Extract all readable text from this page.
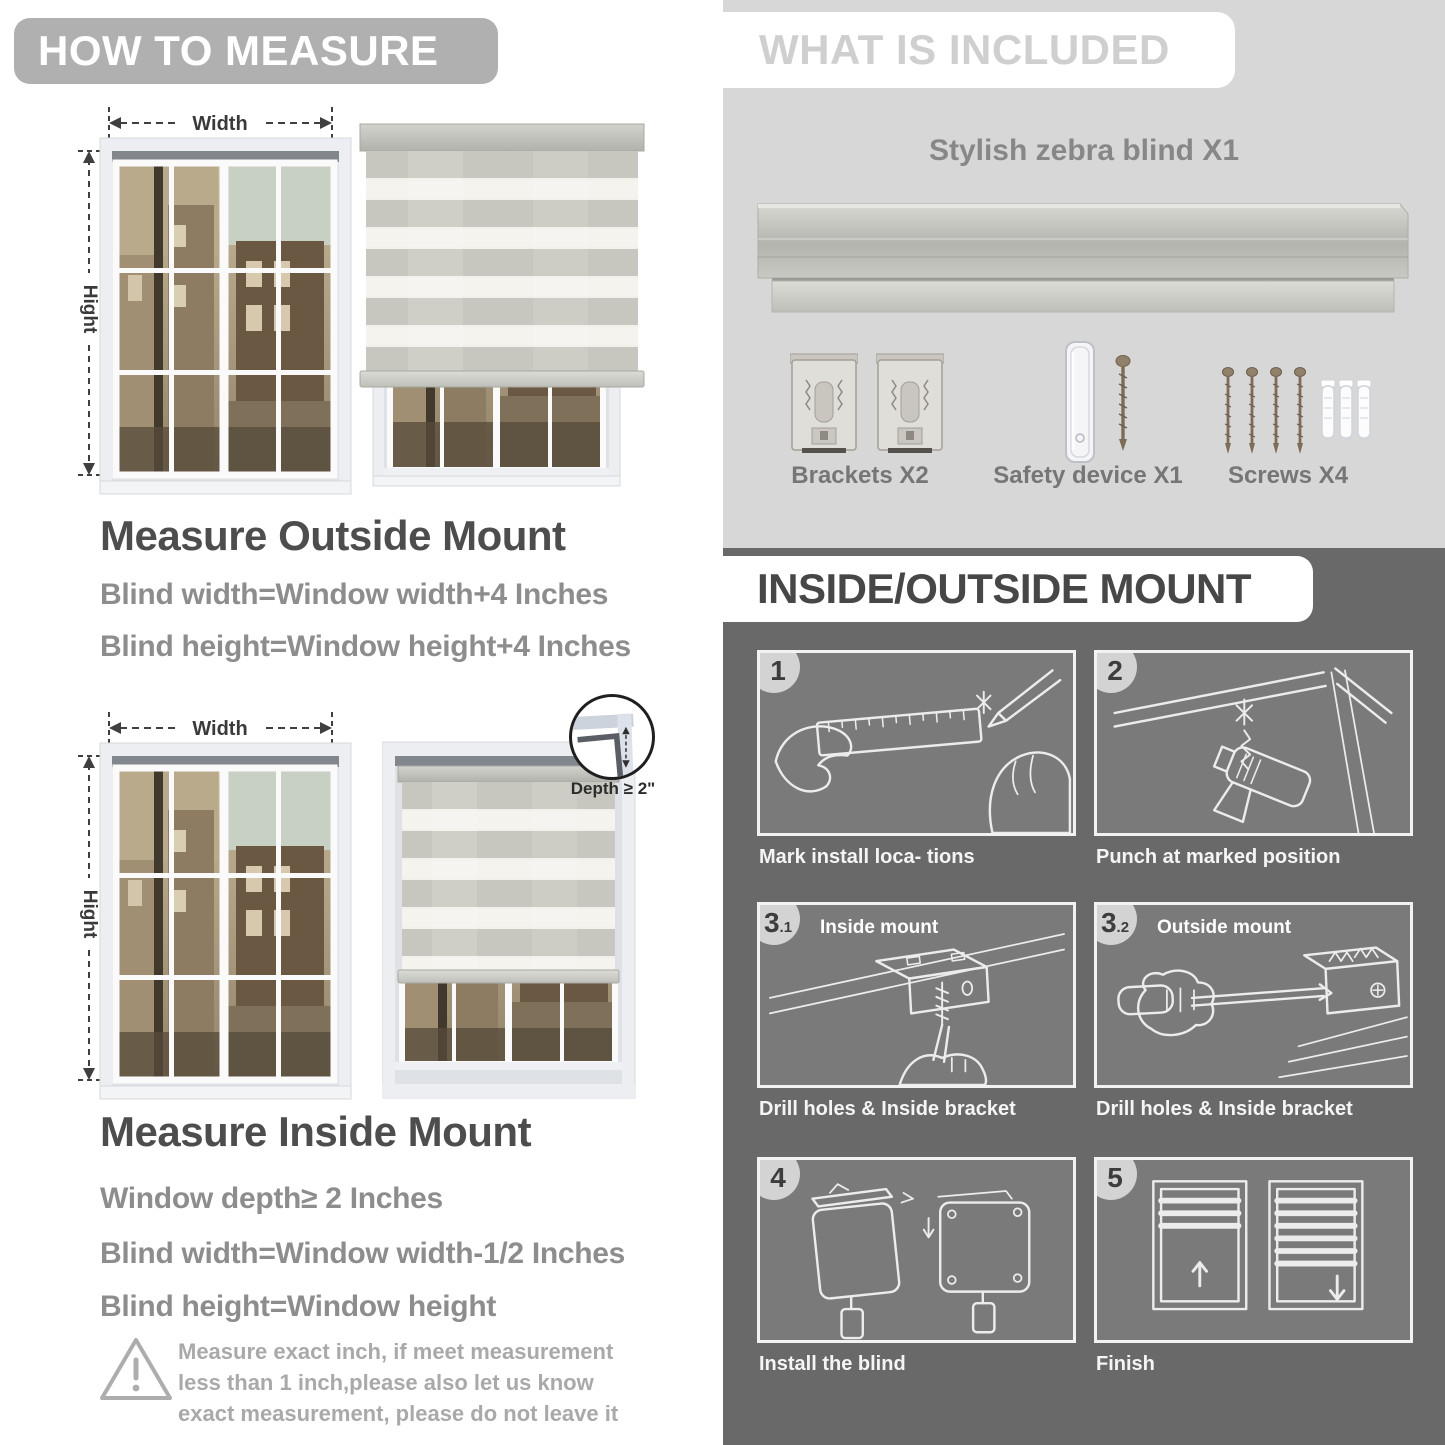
HOW TO MEASURE
Width
Hight
Measure Outside Mount
Blind width=Window width+4 Inches
Blind height=Window height+4 Inches
Width
Hight
Depth ≥ 2"
Measure Inside Mount
Window depth≥ 2 Inches
Blind width=Window width-1/2 Inches
Blind height=Window height
Measure exact inch, if meet measurement less than 1 inch,please also let us know exact measurement, please do not leave it
WHAT IS INCLUDED
Stylish zebra blind X1
Brackets X2	Safety device X1	Screws X4
INSIDE/OUTSIDE MOUNT
1	2
3 .1 Inside mount	3 .2 Outside mount
4	5
Mark install loca- tions	Punch at marked position
Drill holes & Inside bracket	Drill holes & Inside bracket
Install the blind	Finish
